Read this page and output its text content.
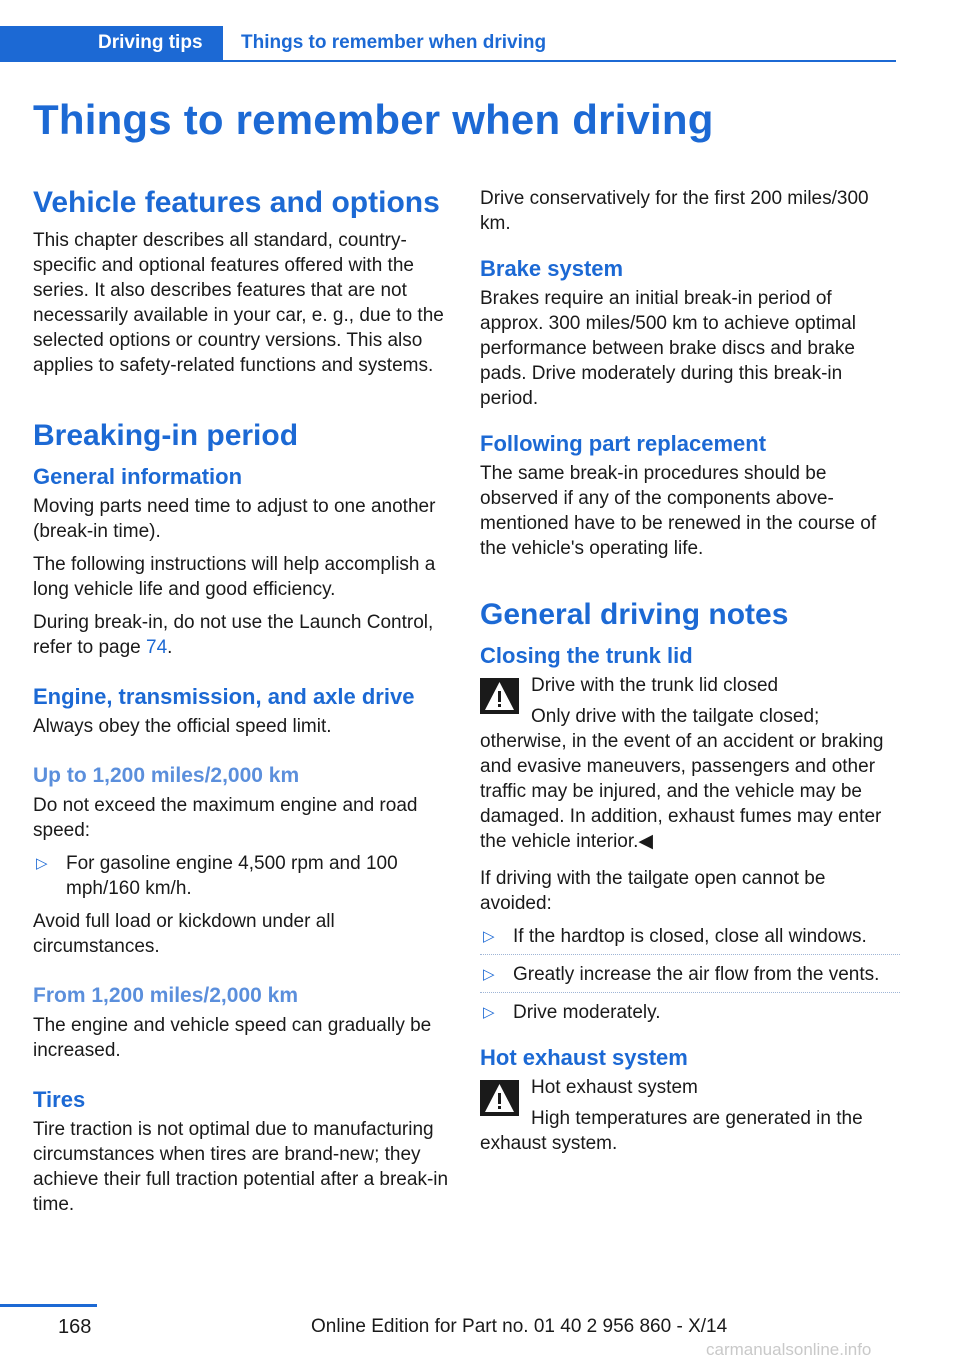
Driving tips	Things to remember when driving
Things to remember when driving
Vehicle features and options

This chapter describes all standard, country-specific and optional features offered with the series. It also describes features that are not necessarily available in your car, e. g., due to the selected options or country versions. This also applies to safety-related functions and systems.

Breaking-in period
General information

Moving parts need time to adjust to one another (break-in time).

The following instructions will help accomplish a long vehicle life and good efficiency.

During break-in, do not use the Launch Control, refer to page 74.

Engine, transmission, and axle drive

Always obey the official speed limit.

Up to 1,200 miles/2,000 km

Do not exceed the maximum engine and road speed:

▷ For gasoline engine 4,500 rpm and 100 mph/160 km/h.

Avoid full load or kickdown under all circumstances.

From 1,200 miles/2,000 km

The engine and vehicle speed can gradually be increased.

Tires

Tire traction is not optimal due to manufacturing circumstances when tires are brand-new; they achieve their full traction potential after a break-in time.

Drive conservatively for the first 200 miles/300 km.

Brake system

Brakes require an initial break-in period of approx. 300 miles/500 km to achieve optimal performance between brake discs and brake pads. Drive moderately during this break-in period.

Following part replacement

The same break-in procedures should be observed if any of the components above-mentioned have to be renewed in the course of the vehicle's operating life.

General driving notes
Closing the trunk lid

Drive with the trunk lid closed

Only drive with the tailgate closed; otherwise, in the event of an accident or braking and evasive maneuvers, passengers and other traffic may be injured, and the vehicle may be damaged. In addition, exhaust fumes may enter the vehicle interior.◀

If driving with the tailgate open cannot be avoided:

▷ If the hardtop is closed, close all windows.
▷ Greatly increase the air flow from the vents.
▷ Drive moderately.
Hot exhaust system

Hot exhaust system

High temperatures are generated in the exhaust system.

168	Online Edition for Part no. 01 40 2 956 860 - X/14
carmanualsonline.info
